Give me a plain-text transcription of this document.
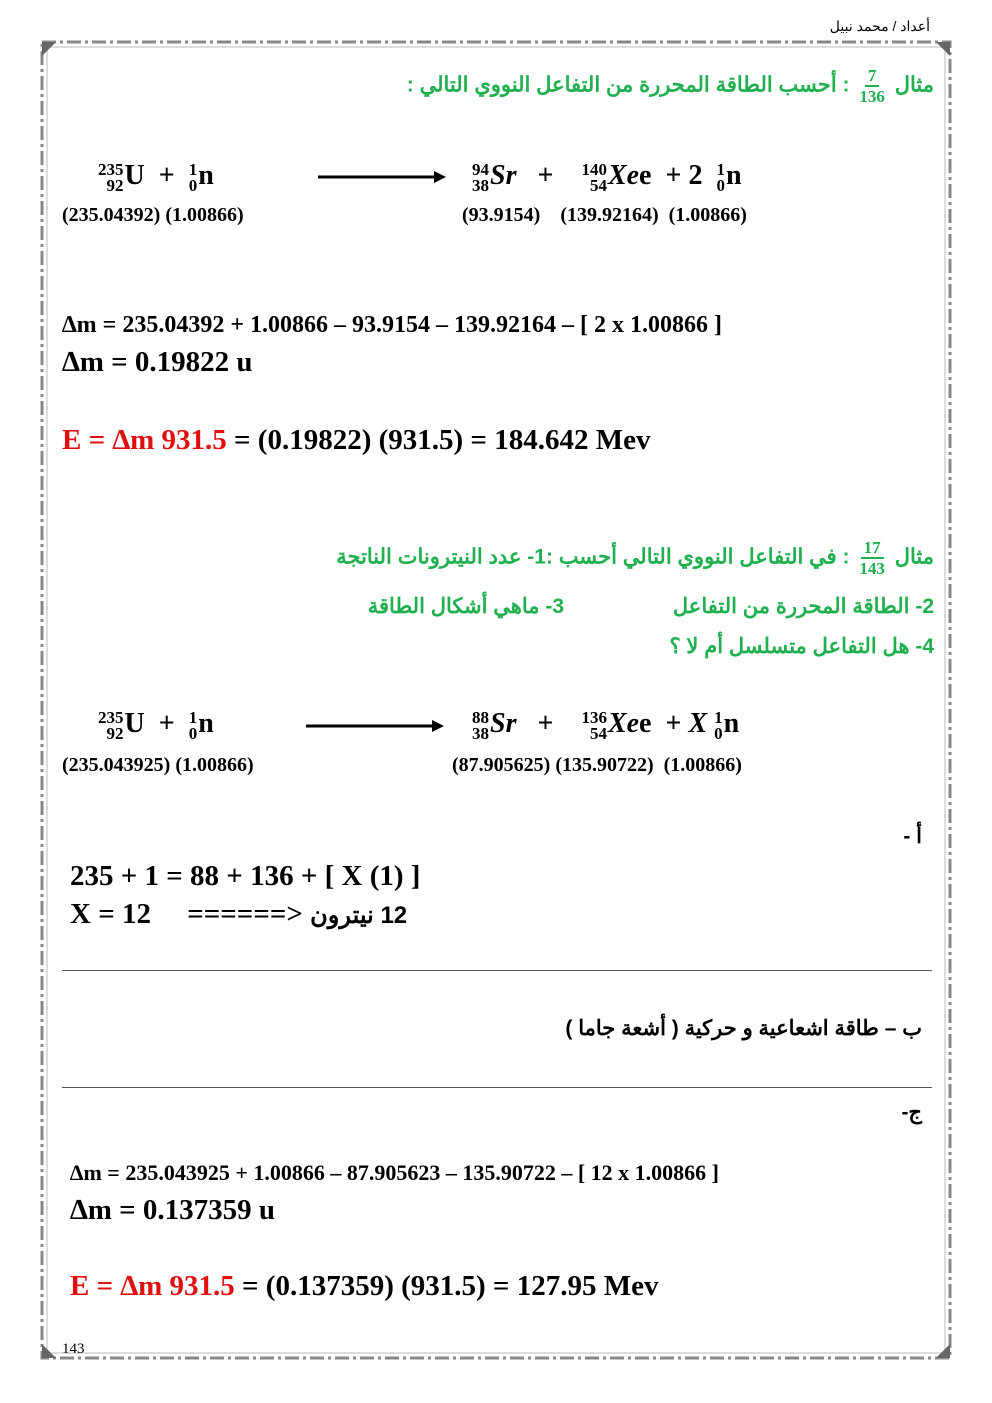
أعداد / محمد نبيل
مثال
$\frac{7}{136}$
: أحسب الطاقة المحررة من التفاعل النووي التالي :
235
92 U + 1
0 n	94
38 Sr + 140
54 Xee  + 2 1
0 n
(235.04392) (1.00866)	(93.9154)    (139.92164)  (1.00866)
∆m = 235.04392 + 1.00866 – 93.9154 – 139.92164 – [ 2 x 1.00866 ]
∆m = 0.19822 u
E = ∆m 931.5 = (0.19822) (931.5) = 184.642 Mev
مثال
$\frac{17}{143}$
: في التفاعل النووي التالي أحسب :1- عدد النيترونات الناتجة
2- الطاقة المحررة من التفاعل
3- ماهي أشكال الطاقة
4- هل التفاعل متسلسل أم لا ؟
235
92 U + 1
0 n	88
38 Sr + 136
54 Xee  + X 1
0 n
(235.043925) (1.00866)	(87.905625) (135.90722)  (1.00866)
أ -
235 + 1 = 88 + 136 + [ X (1) ]
X = 12     ======> 12 نيترون
ب – طاقة اشعاعية و حركية ( أشعة جاما )
ج-
∆m = 235.043925 + 1.00866 – 87.905623 – 135.90722 – [ 12 x 1.00866 ]
∆m = 0.137359 u
E = ∆m 931.5 = (0.137359) (931.5) = 127.95 Mev
143
